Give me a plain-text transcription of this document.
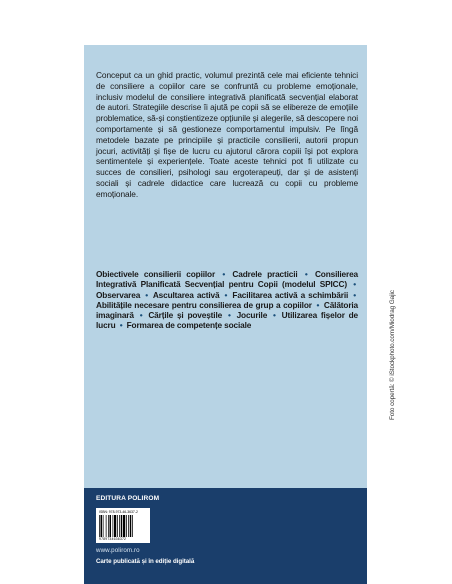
Conceput ca un ghid practic, volumul prezintă cele mai eficiente tehnici de consiliere a copiilor care se confruntă cu probleme emoționale, inclusiv modelul de consiliere integrativă planificată secvențial elaborat de autori. Strategiile descrise îi ajută pe copii să se elibereze de emoțiile problematice, să-și conștientizeze opțiunile și alegerile, să descopere noi comportamente și să gestioneze comportamentul impulsiv. Pe lîngă metodele bazate pe principiile și practicile consilierii, autorii propun jocuri, activități și fișe de lucru cu ajutorul cărora copiii își pot explora sentimentele și experiențele. Toate aceste tehnici pot fi utilizate cu succes de consilieri, psihologi sau ergoterapeuți, dar și de asistenți sociali și cadrele didactice care lucrează cu copii cu probleme emoționale.

Obiectivele consilierii copiilor • Cadrele practicii • Consilierea Integrativă Planificată Secvențial pentru Copii (modelul SPICC) • Observarea • Ascultarea activă • Facilitarea activă a schimbării • Abilitățile necesare pentru consilierea de grup a copiilor • Călătoria imaginară • Cărțile și poveștile • Jocurile • Utilizarea fișelor de lucru • Formarea de competențe sociale	Foto copertă: © iStockphoto.com/Miodrag Gajic
EDITURA POLIROM
ISBN: 978-973-46-3637-2
9789734636372
www.polirom.ro
Carte publicată și în ediție digitală
